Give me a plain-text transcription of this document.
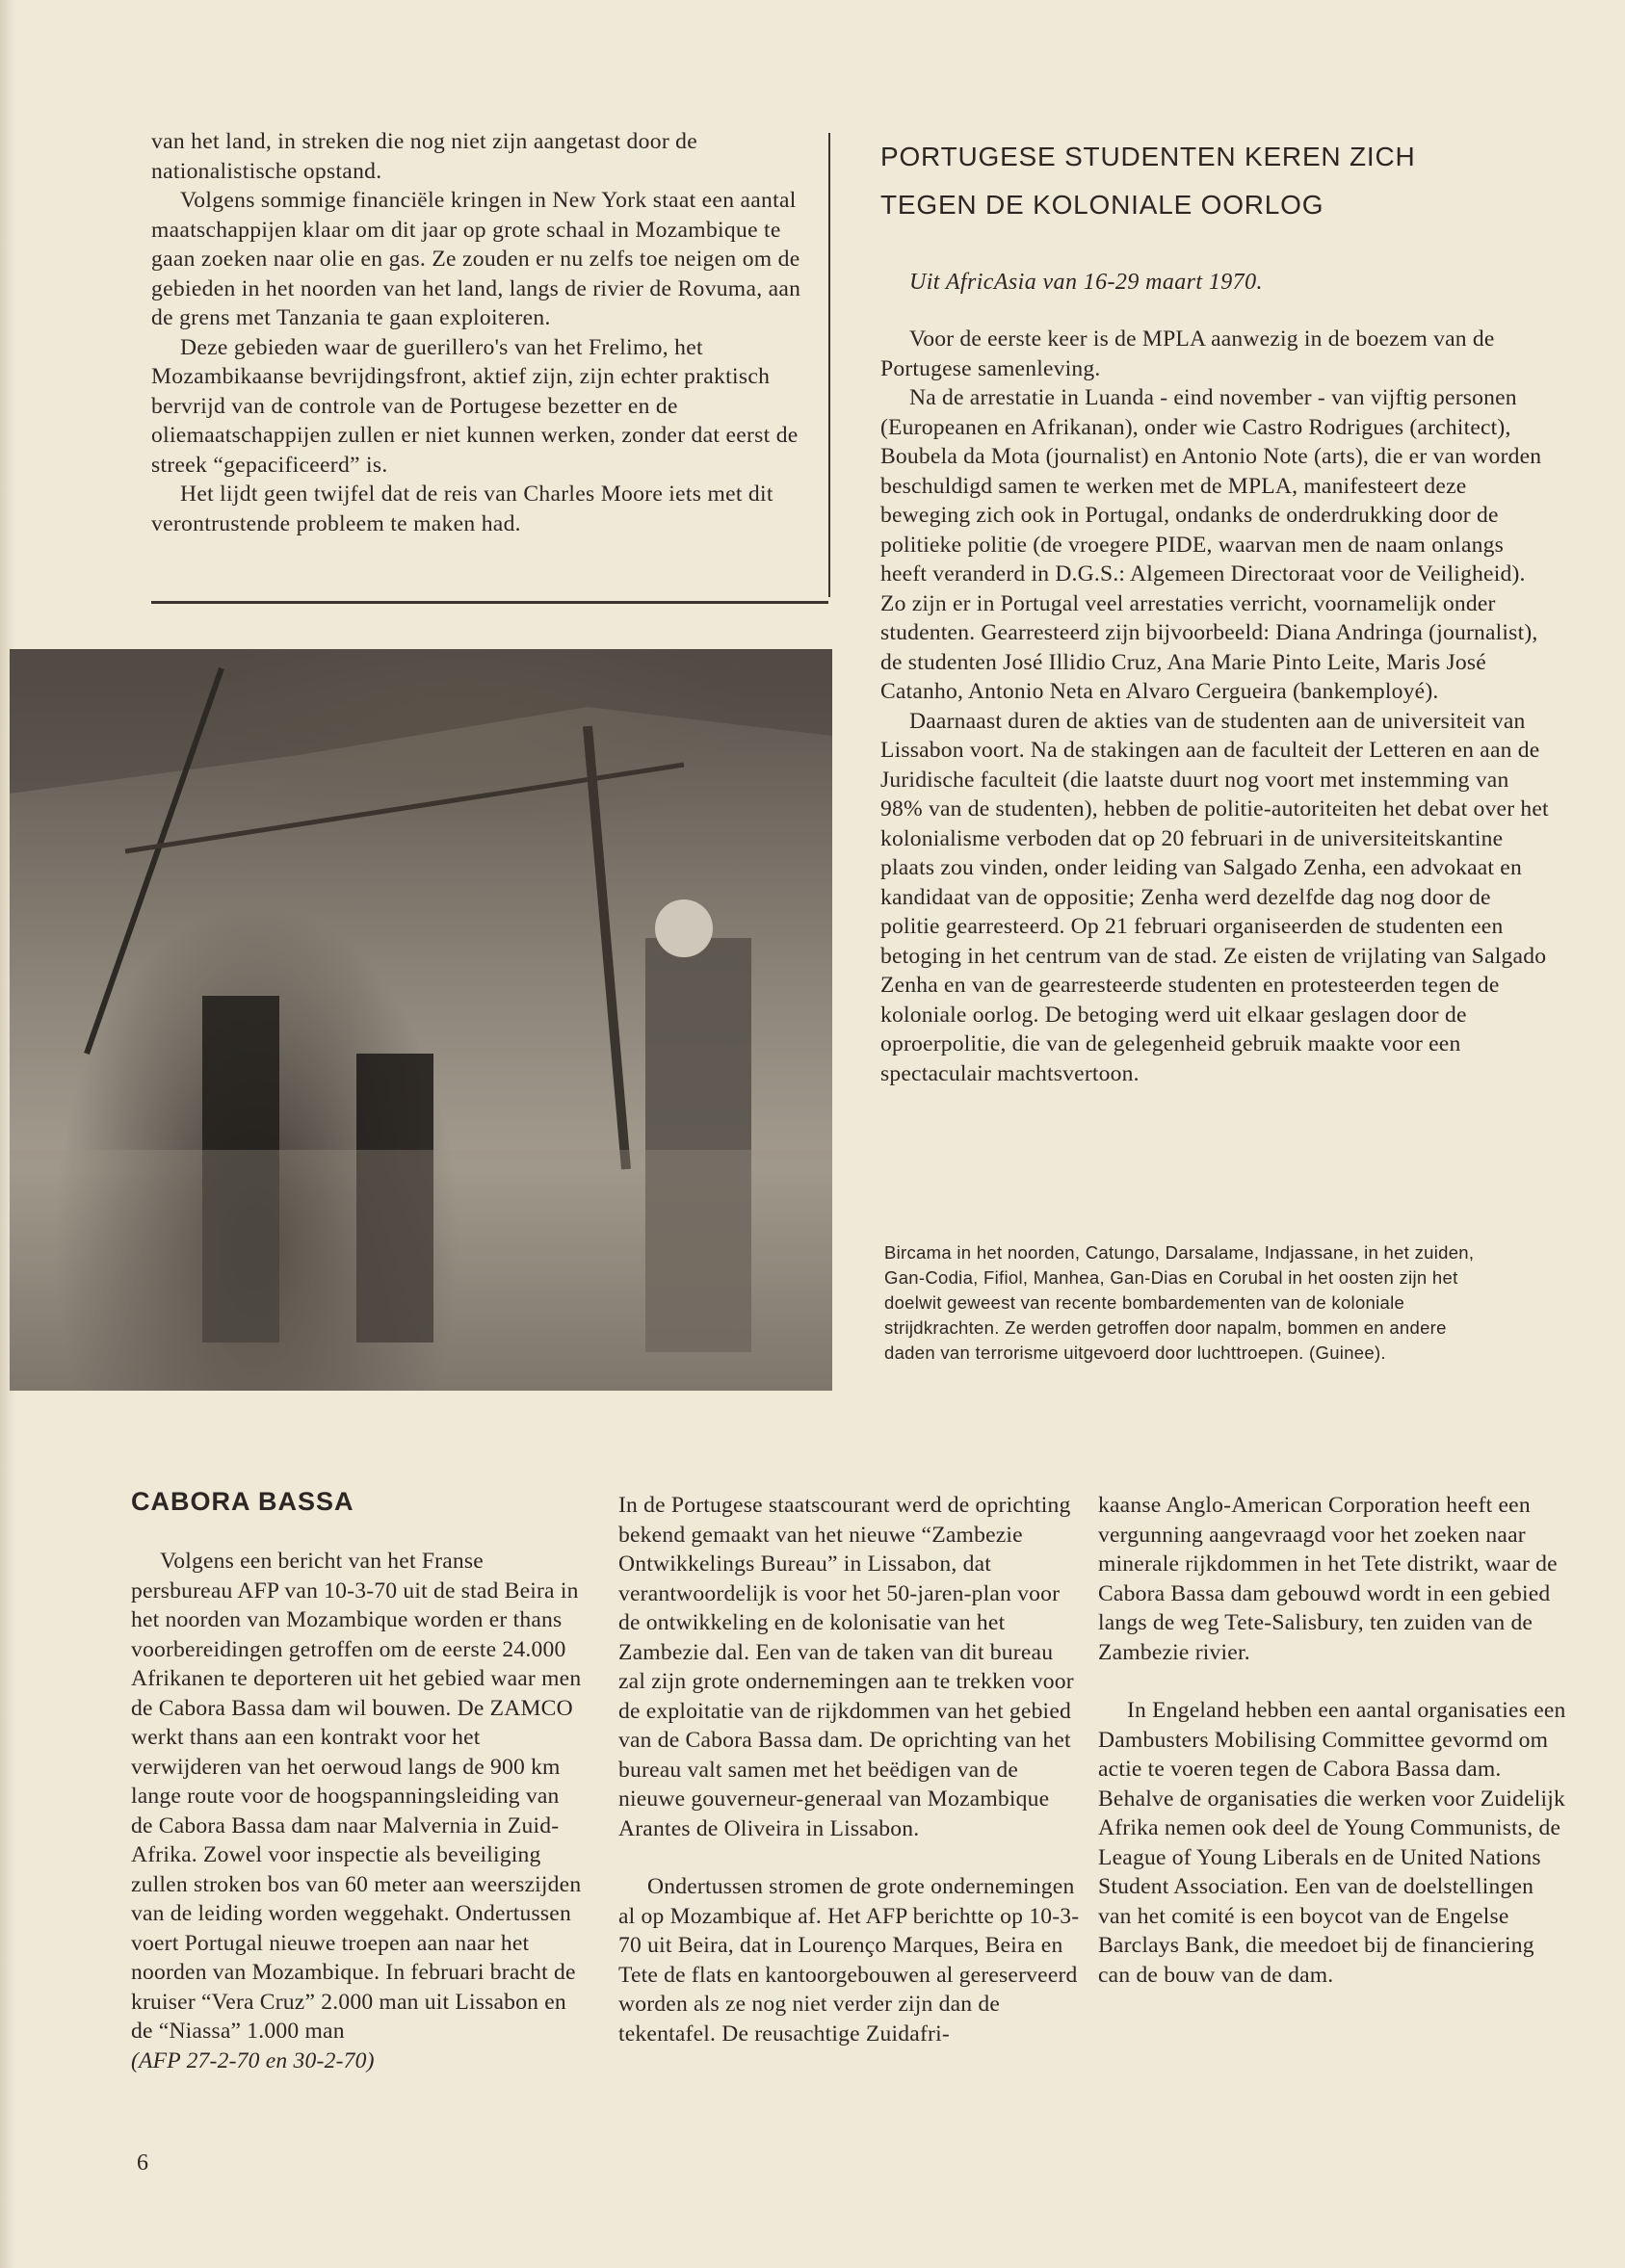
van het land, in streken die nog niet zijn aangetast door de nationalistische opstand.

Volgens sommige financiële kringen in New York staat een aantal maatschappijen klaar om dit jaar op grote schaal in Mozambique te gaan zoeken naar olie en gas. Ze zouden er nu zelfs toe neigen om de gebieden in het noorden van het land, langs de rivier de Rovuma, aan de grens met Tanzania te gaan exploiteren.

Deze gebieden waar de guerillero's van het Frelimo, het Mozambikaanse bevrijdingsfront, aktief zijn, zijn echter praktisch bervrijd van de controle van de Portugese bezetter en de oliemaatschappijen zullen er niet kunnen werken, zonder dat eerst de streek “gepacificeerd” is.

Het lijdt geen twijfel dat de reis van Charles Moore iets met dit verontrustende probleem te maken had.

PORTUGESE STUDENTEN KEREN ZICH

TEGEN DE KOLONIALE OORLOG

Uit AfricAsia van 16-29 maart 1970.

Voor de eerste keer is de MPLA aanwezig in de boezem van de Portugese samenleving.

Na de arrestatie in Luanda - eind november - van vijftig personen (Europeanen en Afrikanan), onder wie Castro Rodrigues (architect), Boubela da Mota (journalist) en Antonio Note (arts), die er van worden beschuldigd samen te werken met de MPLA, manifesteert deze beweging zich ook in Portugal, ondanks de onderdrukking door de politieke politie (de vroegere PIDE, waarvan men de naam onlangs heeft veranderd in D.G.S.: Algemeen Directoraat voor de Veiligheid). Zo zijn er in Portugal veel arrestaties verricht, voornamelijk onder studenten. Gearresteerd zijn bijvoorbeeld: Diana Andringa (journalist), de studenten José Illidio Cruz, Ana Marie Pinto Leite, Maris José Catanho, Antonio Neta en Alvaro Cergueira (bankemployé).

Daarnaast duren de akties van de studenten aan de universiteit van Lissabon voort. Na de stakingen aan de faculteit der Letteren en aan de Juridische faculteit (die laatste duurt nog voort met instemming van 98% van de studenten), hebben de politie-autoriteiten het debat over het kolonialisme verboden dat op 20 februari in de universiteitskantine plaats zou vinden, onder leiding van Salgado Zenha, een advokaat en kandidaat van de oppositie; Zenha werd dezelfde dag nog door de politie gearresteerd. Op 21 februari organiseerden de studenten een betoging in het centrum van de stad. Ze eisten de vrijlating van Salgado Zenha en van de gearresteerde studenten en protesteerden tegen de koloniale oorlog. De betoging werd uit elkaar geslagen door de oproerpolitie, die van de gelegenheid gebruik maakte voor een spectaculair machtsvertoon.

Bircama in het noorden, Catungo, Darsalame, Indjassane, in het zuiden, Gan-Codia, Fifiol, Manhea, Gan-Dias en Corubal in het oosten zijn het doelwit geweest van recente bombardementen van de koloniale strijdkrachten. Ze werden getroffen door napalm, bommen en andere daden van terrorisme uitgevoerd door luchttroepen. (Guinee).
CABORA BASSA

Volgens een bericht van het Franse persbureau AFP van 10-3-70 uit de stad Beira in het noorden van Mozambique worden er thans voorbereidingen getroffen om de eerste 24.000 Afrikanen te deporteren uit het gebied waar men de Cabora Bassa dam wil bouwen. De ZAMCO werkt thans aan een kontrakt voor het verwijderen van het oerwoud langs de 900 km lange route voor de hoogspanningsleiding van de Cabora Bassa dam naar Malvernia in Zuid-Afrika. Zowel voor inspectie als beveiliging zullen stroken bos van 60 meter aan weerszijden van de leiding worden weggehakt. Ondertussen voert Portugal nieuwe troepen aan naar het noorden van Mozambique. In februari bracht de kruiser “Vera Cruz” 2.000 man uit Lissabon en de “Niassa” 1.000 man

(AFP 27-2-70 en 30-2-70)

In de Portugese staatscourant werd de oprichting bekend gemaakt van het nieuwe “Zambezie Ontwikkelings Bureau” in Lissabon, dat verantwoordelijk is voor het 50-jaren-plan voor de ontwikkeling en de kolonisatie van het Zambezie dal. Een van de taken van dit bureau zal zijn grote ondernemingen aan te trekken voor de exploitatie van de rijkdommen van het gebied van de Cabora Bassa dam. De oprichting van het bureau valt samen met het beëdigen van de nieuwe gouverneur-generaal van Mozambique Arantes de Oliveira in Lissabon.

Ondertussen stromen de grote ondernemingen al op Mozambique af. Het AFP berichtte op 10-3-70 uit Beira, dat in Lourenço Marques, Beira en Tete de flats en kantoorgebouwen al gereserveerd worden als ze nog niet verder zijn dan de tekentafel. De reusachtige Zuidafri-

kaanse Anglo-American Corporation heeft een vergunning aangevraagd voor het zoeken naar minerale rijkdommen in het Tete distrikt, waar de Cabora Bassa dam gebouwd wordt in een gebied langs de weg Tete-Salisbury, ten zuiden van de Zambezie rivier.

In Engeland hebben een aantal organisaties een Dambusters Mobilising Committee gevormd om actie te voeren tegen de Cabora Bassa dam. Behalve de organisaties die werken voor Zuidelijk Afrika nemen ook deel de Young Communists, de League of Young Liberals en de United Nations Student Association. Een van de doelstellingen van het comité is een boycot van de Engelse Barclays Bank, die meedoet bij de financiering can de bouw van de dam.

6
